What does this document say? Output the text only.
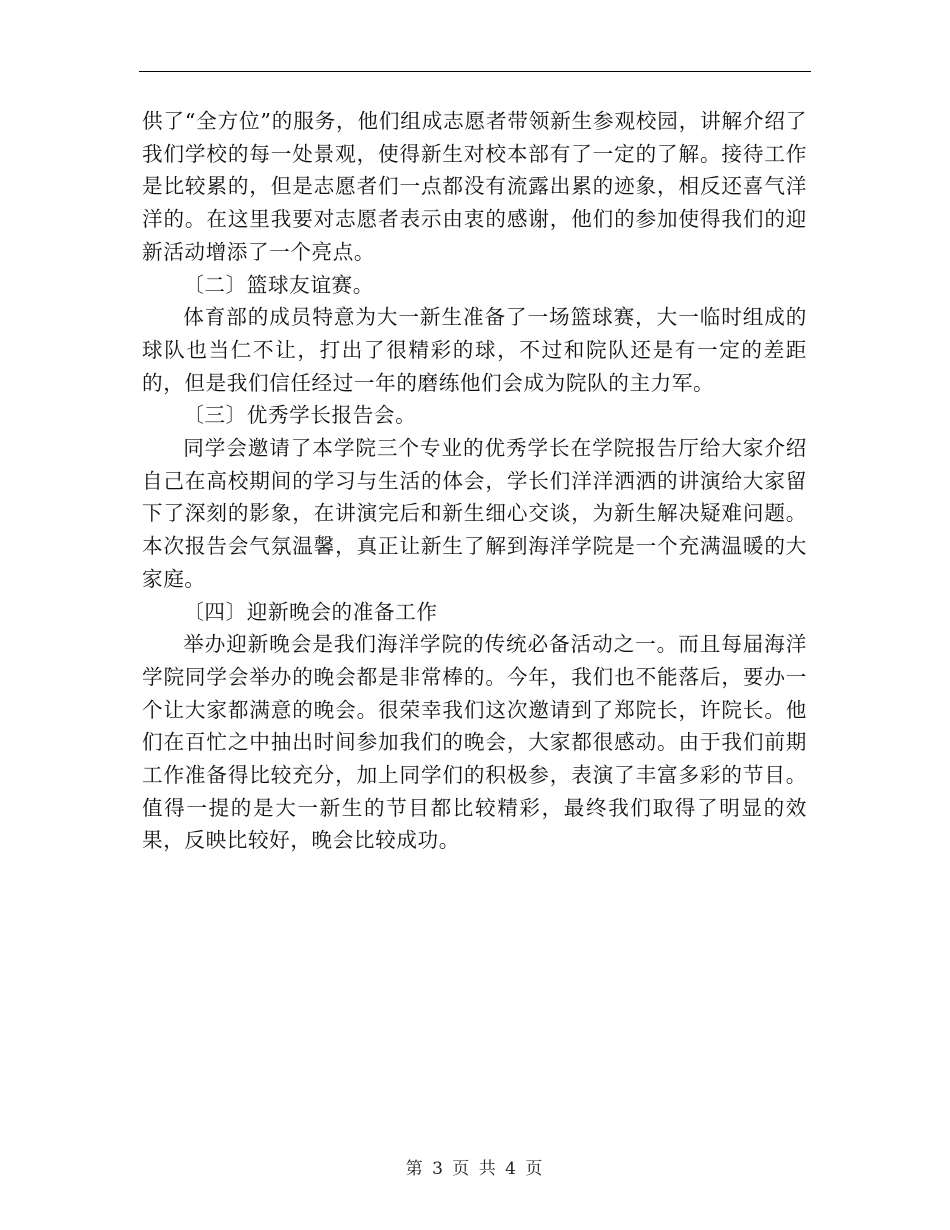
供了“全方位”的服务，他们组成志愿者带领新生参观校园，讲解介绍了我们学校的每一处景观，使得新生对校本部有了一定的了解。接待工作是比较累的，但是志愿者们一点都没有流露出累的迹象，相反还喜气洋洋的。在这里我要对志愿者表示由衷的感谢，他们的参加使得我们的迎新活动增添了一个亮点。

〔二〕篮球友谊赛。

体育部的成员特意为大一新生准备了一场篮球赛，大一临时组成的球队也当仁不让，打出了很精彩的球，不过和院队还是有一定的差距的，但是我们信任经过一年的磨练他们会成为院队的主力军。

〔三〕优秀学长报告会。

同学会邀请了本学院三个专业的优秀学长在学院报告厅给大家介绍自己在高校期间的学习与生活的体会，学长们洋洋洒洒的讲演给大家留下了深刻的影象，在讲演完后和新生细心交谈，为新生解决疑难问题。本次报告会气氛温馨，真正让新生了解到海洋学院是一个充满温暖的大家庭。

〔四〕迎新晚会的准备工作

举办迎新晚会是我们海洋学院的传统必备活动之一。而且每届海洋学院同学会举办的晚会都是非常棒的。今年，我们也不能落后，要办一个让大家都满意的晚会。很荣幸我们这次邀请到了郑院长，许院长。他们在百忙之中抽出时间参加我们的晚会，大家都很感动。由于我们前期工作准备得比较充分，加上同学们的积极参，表演了丰富多彩的节目。值得一提的是大一新生的节目都比较精彩，最终我们取得了明显的效果，反映比较好，晚会比较成功。

第 3 页 共 4 页
